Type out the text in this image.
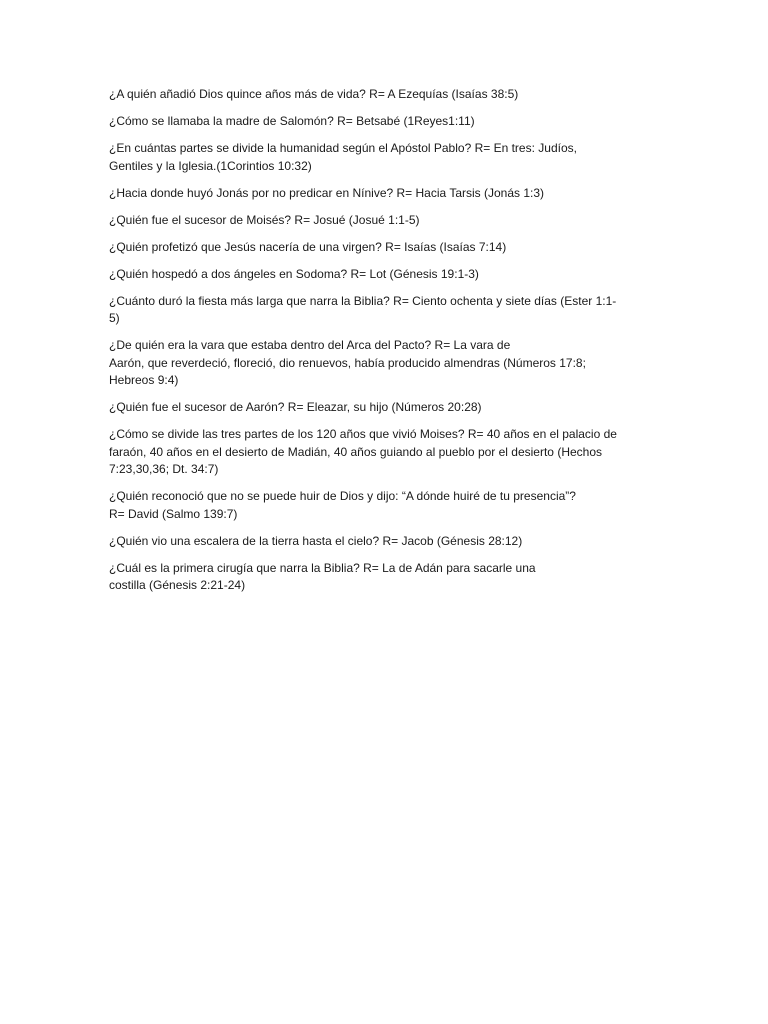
¿A quién añadió Dios quince años más de vida? R= A Ezequías (Isaías 38:5)

¿Cómo se llamaba la madre de Salomón? R= Betsabé (1Reyes1:11)

¿En cuántas partes se divide la humanidad según el Apóstol Pablo? R= En tres: Judíos,
Gentiles y la Iglesia.(1Corintios 10:32)

¿Hacia donde huyó Jonás por no predicar en Nínive? R= Hacia Tarsis (Jonás 1:3)

¿Quién fue el sucesor de Moisés? R= Josué (Josué 1:1-5)

¿Quién profetizó que Jesús nacería de una virgen? R= Isaías (Isaías 7:14)

¿Quién hospedó a dos ángeles en Sodoma? R= Lot (Génesis 19:1-3)

¿Cuánto duró la fiesta más larga que narra la Biblia? R= Ciento ochenta y siete días (Ester 1:1-
5)

¿De quién era la vara que estaba dentro del Arca del Pacto? R= La vara de
Aarón, que reverdeció, floreció, dio renuevos, había producido almendras (Números 17:8;
Hebreos 9:4)

¿Quién fue el sucesor de Aarón? R= Eleazar, su hijo (Números 20:28)

¿Cómo se divide las tres partes de los 120 años que vivió Moises? R= 40 años en el palacio de
faraón, 40 años en el desierto de Madián, 40 años guiando al pueblo por el desierto (Hechos
7:23,30,36; Dt. 34:7)

¿Quién reconoció que no se puede huir de Dios y dijo: “A dónde huiré de tu presencia”?
R= David (Salmo 139:7)

¿Quién vio una escalera de la tierra hasta el cielo? R= Jacob (Génesis 28:12)

¿Cuál es la primera cirugía que narra la Biblia? R= La de Adán para sacarle una
costilla (Génesis 2:21-24)
